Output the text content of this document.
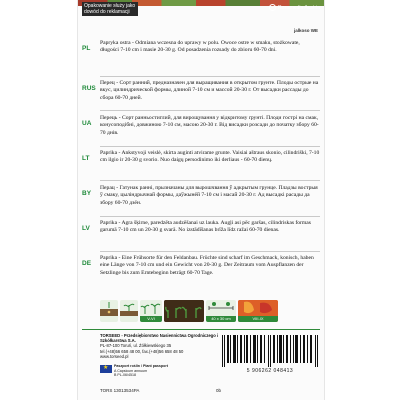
Opakowanie służy jako dowód do reklamacji
Rosamedia Austria
jalkoso WE
PL
Papryka ostra - Odmiana wczesna do uprawy w polu. Owoce ostre w smaku, stożkowate, długości 7-10 cm i masie 20-30 g. Od posadzenia rozsady do zbioru 60-70 dni.
RUS
Перец - Сорт ранний, предназначен для выращивания в открытом грунте. Плоды острые на вкус, цилиндрической формы, длиной 7-10 см и массой 20-30 г. От высадки рассады до сбора 60-70 дней.
UA
Перець - Сорт ранньостиглий, для вирощування у відкритому ґрунті. Плоди гострі на смак, конусоподібні, довжиною 7-10 см, масою 20-30 г. Від висадки розсади до початку збору 60-70 днів.
LT
Paprika - Ankstyvoji veislė, skirta auginti atvirame grunte. Vaisiai aštraus skonio, cilindriški, 7-10 cm ilgio ir 20-30 g svorio. Nuo daigų persodinimo iki derliaus - 60-70 dienų.
BY
Перац - Гатунак ранні, прызначаны для вырошчвання ў адкрытым грунце. Пладзы вострыя ў смаку, цыліндрычнай формы, даўжынёй 7-10 см і масай 20-30 г. Ад высадкі расады да збору 60-70 дзён.
LV
Paprika - Agra šķirne, paredzēta audzēšanai uz lauka. Augļi asi pēc garšas, cilindriskas formas garumā 7-10 cm un 20-30 g svarā. No izstādīšanas brīža līdz ražai 60-70 dienas.
DE
Paprika - Eine Frühsorte für den Feldanbau. Früchte sind scharf im Geschmack, konisch, haben eine Länge von 7-10 cm und ein Gewicht von 20-30 g. Der Zeitraum vom Auspflanzen der Setzlinge bis zum Erntebeginn beträgt 60-70 Tage.
V-VI	40 x 30 cm	VIII-IX
TORSEED - Przedsiębiorstwo Nasiennictwa Ogrodniczego i Szkółkarstwa S.A.
PL-87-100 Toruń, ul. Żółkiewskiego 35
tel.(+48)56 658 48 00, fax.(+48)56 658 48 50
www.torseed.pl
★
Paszport roślin / Plant passport
A Capsicum annuum
B PL-06/4518
5 906262 048413
TORS 13013534PA	0b
